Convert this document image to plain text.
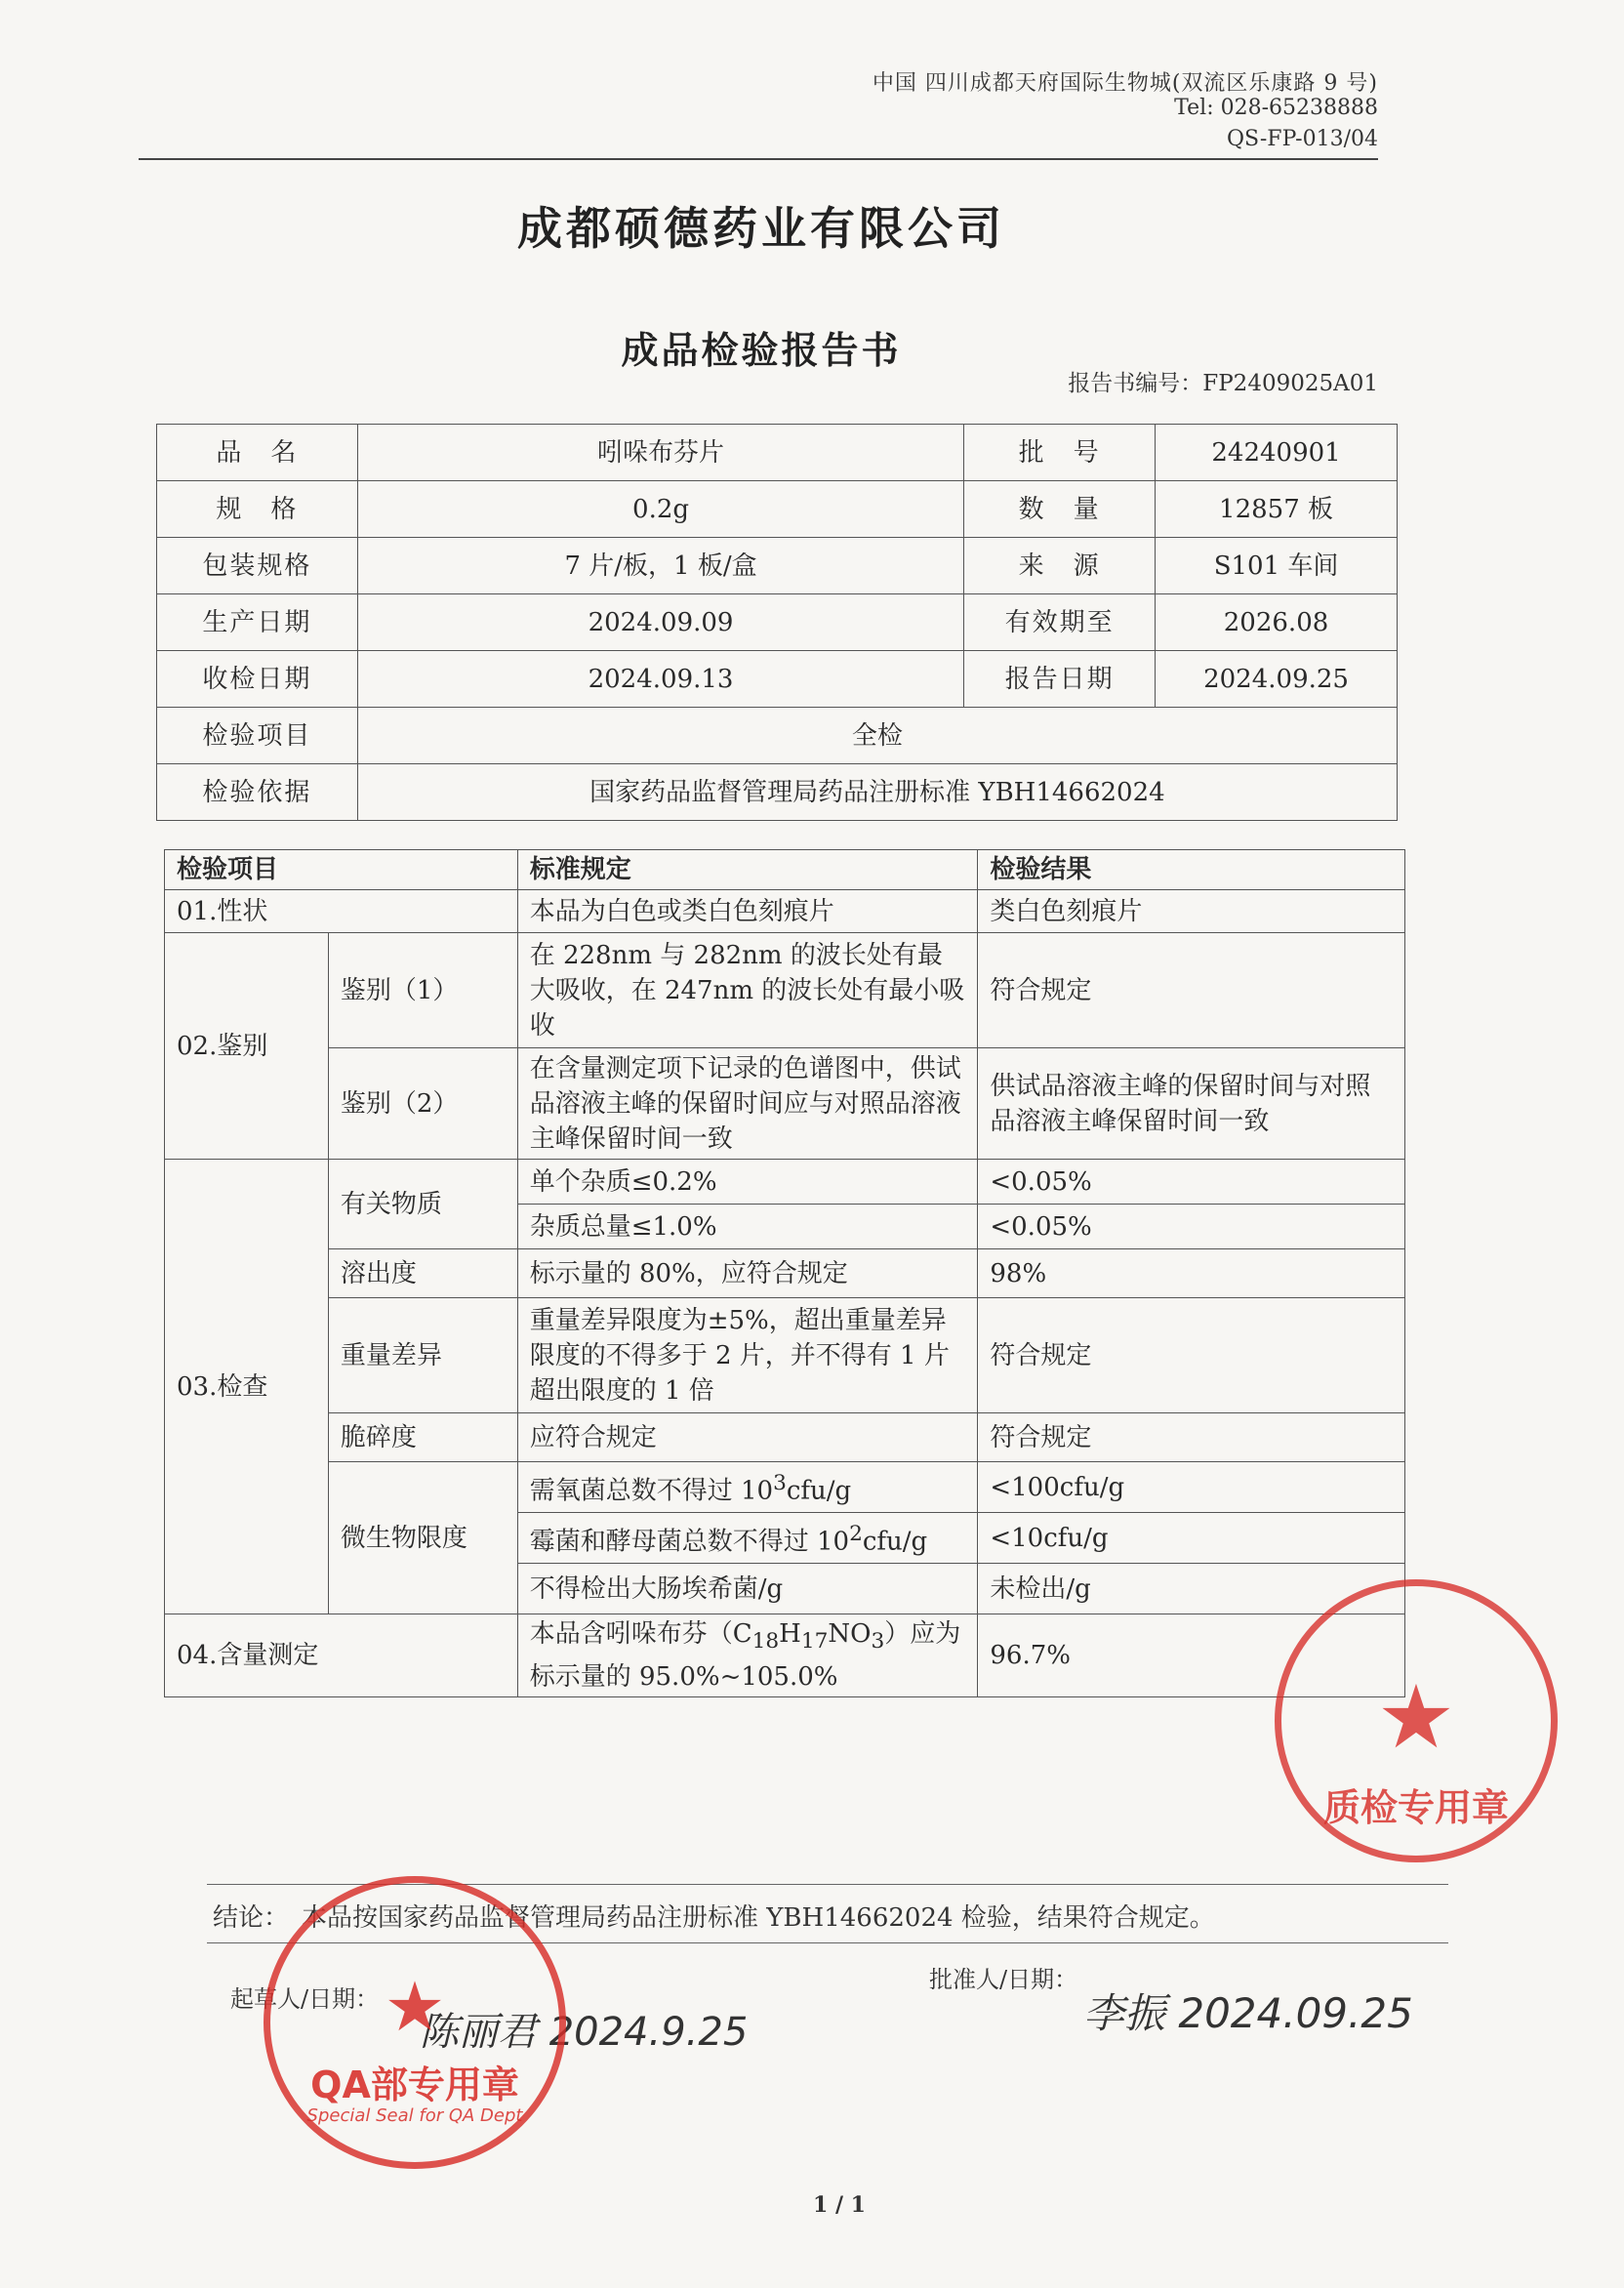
中国 四川成都天府国际生物城(双流区乐康路 9 号)
Tel: 028-65238888
QS-FP-013/04
成都硕德药业有限公司
成品检验报告书
报告书编号：FP2409025A01
品　名	吲哚布芬片	批　号	24240901
规　格	0.2g	数　量	12857 板
包装规格	7 片/板，1 板/盒	来　源	S101 车间
生产日期	2024.09.09	有效期至	2026.08
收检日期	2024.09.13	报告日期	2024.09.25
检验项目	全检		
检验依据	国家药品监督管理局药品注册标准 YBH14662024		
检验项目		标准规定	检验结果
01.性状		本品为白色或类白色刻痕片	类白色刻痕片
02.鉴别	鉴别（1）	在 228nm 与 282nm 的波长处有最大吸收，在 247nm 的波长处有最小吸收	符合规定
	鉴别（2）	在含量测定项下记录的色谱图中，供试品溶液主峰的保留时间应与对照品溶液主峰保留时间一致	供试品溶液主峰的保留时间与对照品溶液主峰保留时间一致
03.检查	有关物质	单个杂质≤0.2%	<0.05%
		杂质总量≤1.0%	<0.05%
	溶出度	标示量的 80%，应符合规定	98%
	重量差异	重量差异限度为±5%，超出重量差异限度的不得多于 2 片，并不得有 1 片超出限度的 1 倍	符合规定
	脆碎度	应符合规定	符合规定
	微生物限度	需氧菌总数不得过 $10^3cfu/g$	<100cfu/g
		霉菌和酵母菌总数不得过 $10^2cfu/g$	<10cfu/g
		不得检出大肠埃希菌/g	未检出/g
04.含量测定		本品含吲哚布芬$(C_{18}H_{17}NO_3)$应为标示量的 95.0%~105.0%	96.7%
★
质检专用章
结论：　本品按国家药品监督管理局药品注册标准 YBH14662024 检验，结果符合规定。
起草人/日期：
陈丽君 2024.9.25
批准人/日期：
李振 2024.09.25
★
QA部专用章
Special Seal for QA Dept
1 / 1
